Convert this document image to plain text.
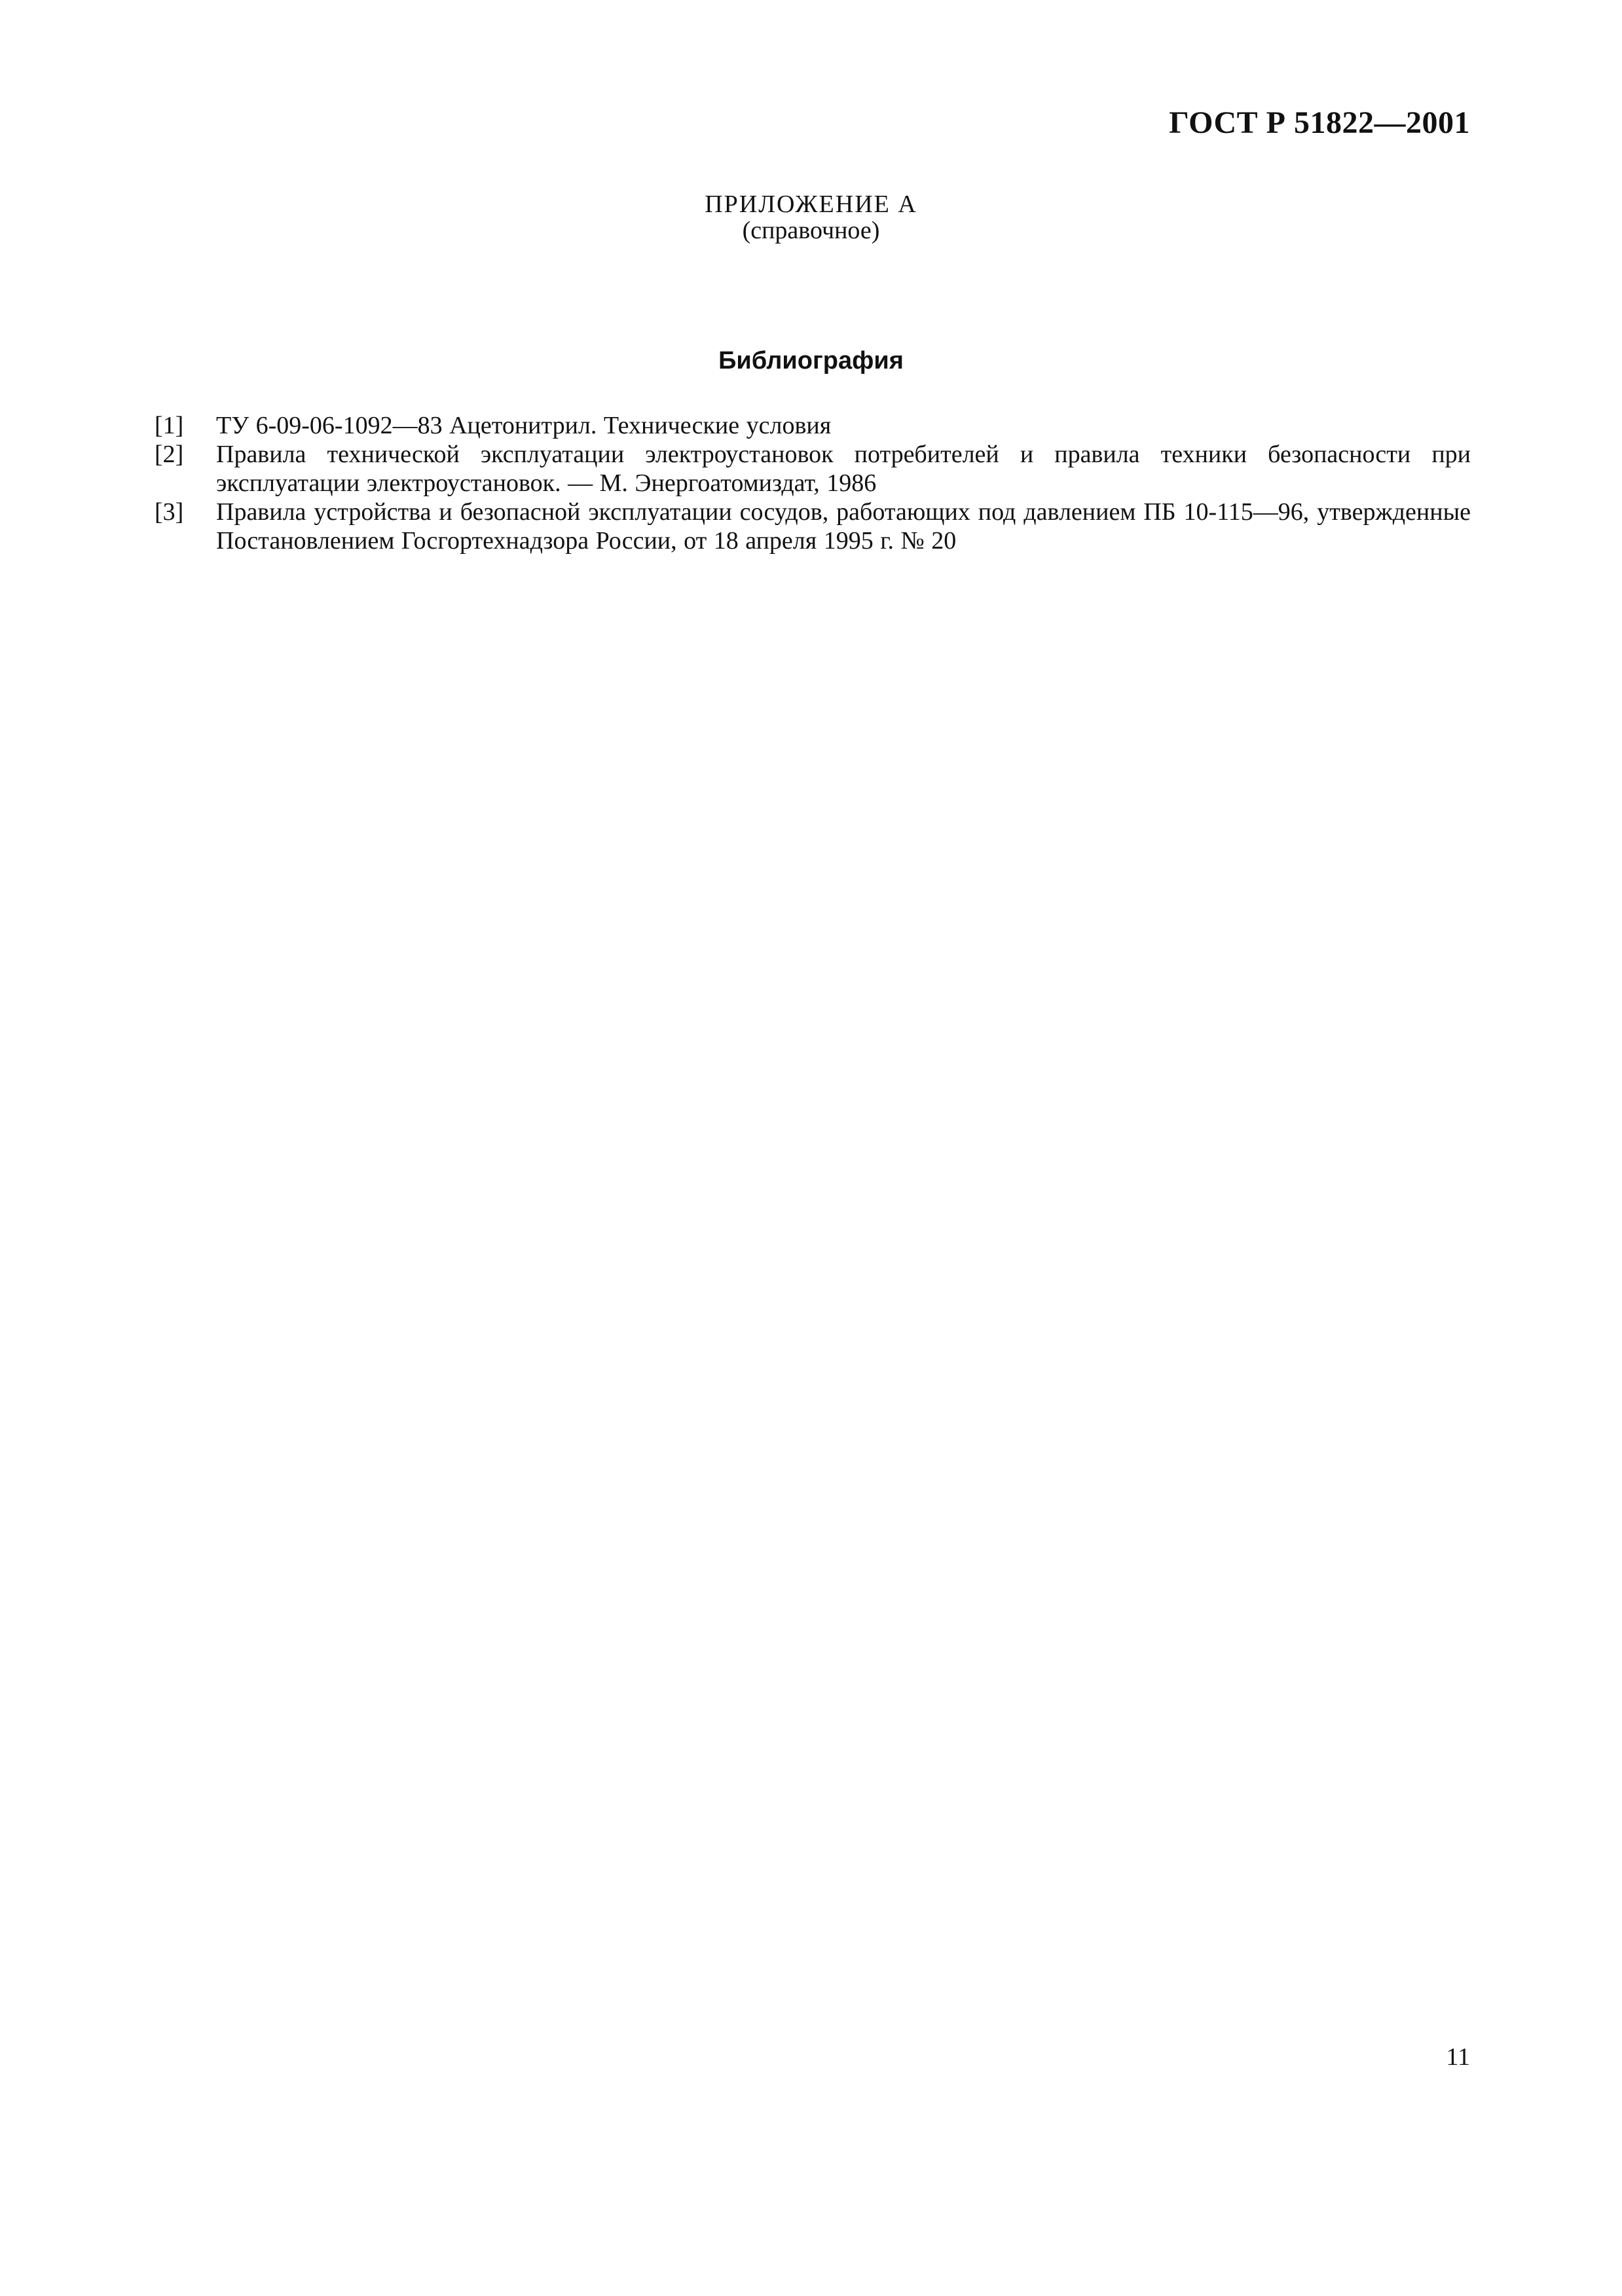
ГОСТ Р 51822—2001
ПРИЛОЖЕНИЕ А
(справочное)
Библиография
[1]	ТУ 6-09-06-1092—83 Ацетонитрил. Технические условия
[2]	Правила технической эксплуатации электроустановок потребителей и правила техники безопасности при эксплуатации электроустановок. — М. Энергоатомиздат, 1986
[3]	Правила устройства и безопасной эксплуатации сосудов, работающих под давлением ПБ 10-115—96, утвержденные Постановлением Госгортехнадзора России, от 18 апреля 1995 г. № 20
11
